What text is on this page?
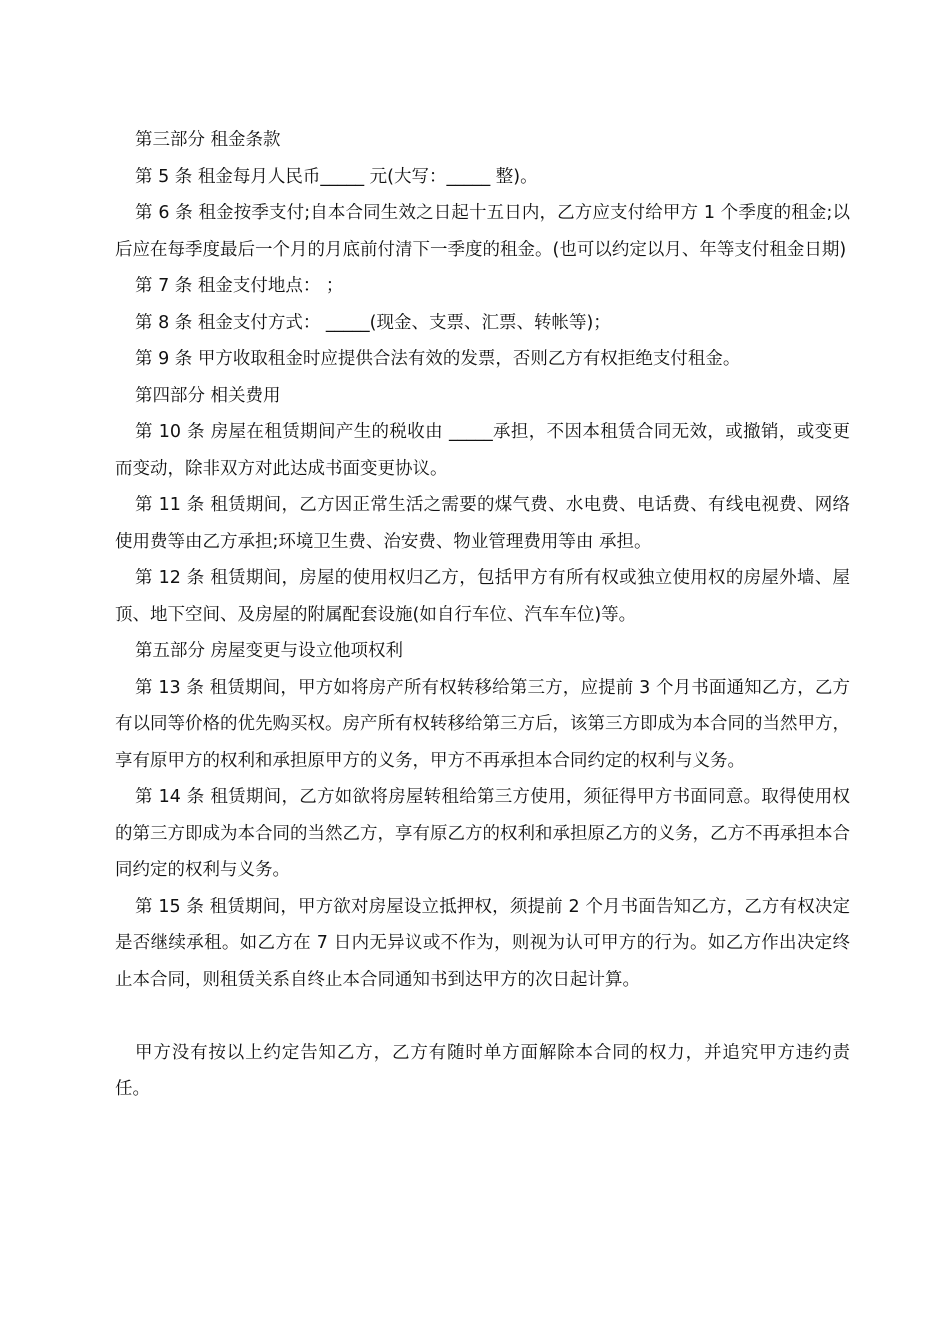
第三部分 租金条款

第 5 条 租金每月人民币_____ 元(大写：_____ 整)。

第 6 条 租金按季支付;自本合同生效之日起十五日内，乙方应支付给甲方 1 个季度的租金;以后应在每季度最后一个月的月底前付清下一季度的租金。(也可以约定以月、年等支付租金日期)

第 7 条 租金支付地点： ；

第 8 条 租金支付方式： _____(现金、支票、汇票、转帐等)；

第 9 条 甲方收取租金时应提供合法有效的发票，否则乙方有权拒绝支付租金。

第四部分 相关费用

第 10 条 房屋在租赁期间产生的税收由 _____承担，不因本租赁合同无效，或撤销，或变更而变动，除非双方对此达成书面变更协议。

第 11 条 租赁期间，乙方因正常生活之需要的煤气费、水电费、电话费、有线电视费、网络使用费等由乙方承担;环境卫生费、治安费、物业管理费用等由 承担。

第 12 条 租赁期间，房屋的使用权归乙方，包括甲方有所有权或独立使用权的房屋外墙、屋顶、地下空间、及房屋的附属配套设施(如自行车位、汽车车位)等。

第五部分 房屋变更与设立他项权利

第 13 条 租赁期间，甲方如将房产所有权转移给第三方，应提前 3 个月书面通知乙方，乙方有以同等价格的优先购买权。房产所有权转移给第三方后，该第三方即成为本合同的当然甲方，享有原甲方的权利和承担原甲方的义务，甲方不再承担本合同约定的权利与义务。

第 14 条 租赁期间，乙方如欲将房屋转租给第三方使用，须征得甲方书面同意。取得使用权的第三方即成为本合同的当然乙方，享有原乙方的权利和承担原乙方的义务，乙方不再承担本合同约定的权利与义务。

第 15 条 租赁期间，甲方欲对房屋设立抵押权，须提前 2 个月书面告知乙方，乙方有权决定是否继续承租。如乙方在 7 日内无异议或不作为，则视为认可甲方的行为。如乙方作出决定终止本合同，则租赁关系自终止本合同通知书到达甲方的次日起计算。

甲方没有按以上约定告知乙方，乙方有随时单方面解除本合同的权力，并追究甲方违约责任。
